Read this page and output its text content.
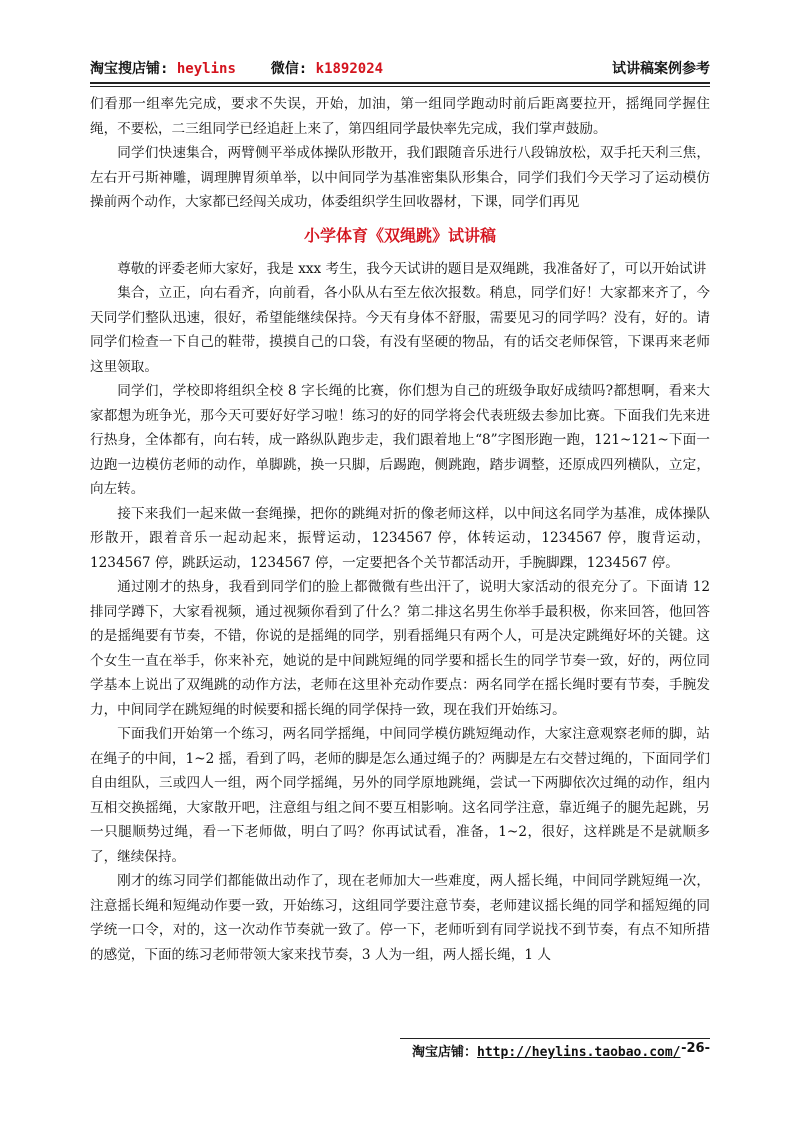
淘宝搜店铺: heylins 微信: k1892024	试讲稿案例参考

们看那一组率先完成，要求不失误，开始，加油，第一组同学跑动时前后距离要拉开，摇绳同学握住绳，不要松，二三组同学已经追赶上来了，第四组同学最快率先完成，我们掌声鼓励。

同学们快速集合，两臂侧平举成体操队形散开，我们跟随音乐进行八段锦放松，双手托天利三焦，左右开弓斯神雕，调理脾胃须单举，以中间同学为基准密集队形集合，同学们我们今天学习了运动模仿操前两个动作，大家都已经闯关成功，体委组织学生回收器材，下课，同学们再见

小学体育《双绳跳》试讲稿

尊敬的评委老师大家好，我是 xxx 考生，我今天试讲的题目是双绳跳，我准备好了，可以开始试讲

集合，立正，向右看齐，向前看，各小队从右至左依次报数。稍息，同学们好！大家都来齐了，今天同学们整队迅速，很好，希望能继续保持。今天有身体不舒服，需要见习的同学吗？没有，好的。请同学们检查一下自己的鞋带，摸摸自己的口袋，有没有坚硬的物品，有的话交老师保管，下课再来老师这里领取。

同学们，学校即将组织全校 8 字长绳的比赛，你们想为自己的班级争取好成绩吗?都想啊，看来大家都想为班争光，那今天可要好好学习啦！练习的好的同学将会代表班级去参加比赛。下面我们先来进行热身，全体都有，向右转，成一路纵队跑步走，我们跟着地上“8”字图形跑一跑，121~121~下面一边跑一边模仿老师的动作，单脚跳，换一只脚，后踢跑，侧跳跑，踏步调整，还原成四列横队，立定，向左转。

接下来我们一起来做一套绳操，把你的跳绳对折的像老师这样，以中间这名同学为基准，成体操队形散开，跟着音乐一起动起来，振臂运动，1234567 停，体转运动，1234567 停，腹背运动，1234567 停，跳跃运动，1234567 停，一定要把各个关节都活动开，手腕脚踝，1234567 停。

通过刚才的热身，我看到同学们的脸上都微微有些出汗了，说明大家活动的很充分了。下面请 12 排同学蹲下，大家看视频，通过视频你看到了什么？第二排这名男生你举手最积极，你来回答，他回答的是摇绳要有节奏，不错，你说的是摇绳的同学，别看摇绳只有两个人，可是决定跳绳好坏的关键。这个女生一直在举手，你来补充，她说的是中间跳短绳的同学要和摇长生的同学节奏一致，好的，两位同学基本上说出了双绳跳的动作方法，老师在这里补充动作要点：两名同学在摇长绳时要有节奏，手腕发力，中间同学在跳短绳的时候要和摇长绳的同学保持一致，现在我们开始练习。

下面我们开始第一个练习，两名同学摇绳，中间同学模仿跳短绳动作，大家注意观察老师的脚，站在绳子的中间，1~2 摇，看到了吗，老师的脚是怎么通过绳子的？两脚是左右交替过绳的，下面同学们自由组队，三或四人一组，两个同学摇绳，另外的同学原地跳绳，尝试一下两脚依次过绳的动作，组内互相交换摇绳，大家散开吧，注意组与组之间不要互相影响。这名同学注意，靠近绳子的腿先起跳，另一只腿顺势过绳，看一下老师做，明白了吗？你再试试看，准备，1~2，很好，这样跳是不是就顺多了，继续保持。

刚才的练习同学们都能做出动作了，现在老师加大一些难度，两人摇长绳，中间同学跳短绳一次，注意摇长绳和短绳动作要一致，开始练习，这组同学要注意节奏，老师建议摇长绳的同学和摇短绳的同学统一口令，对的，这一次动作节奏就一致了。停一下，老师听到有同学说找不到节奏，有点不知所措的感觉，下面的练习老师带领大家来找节奏，3 人为一组，两人摇长绳，1 人

淘宝店铺：http://heylins.taobao.com/ -26-
